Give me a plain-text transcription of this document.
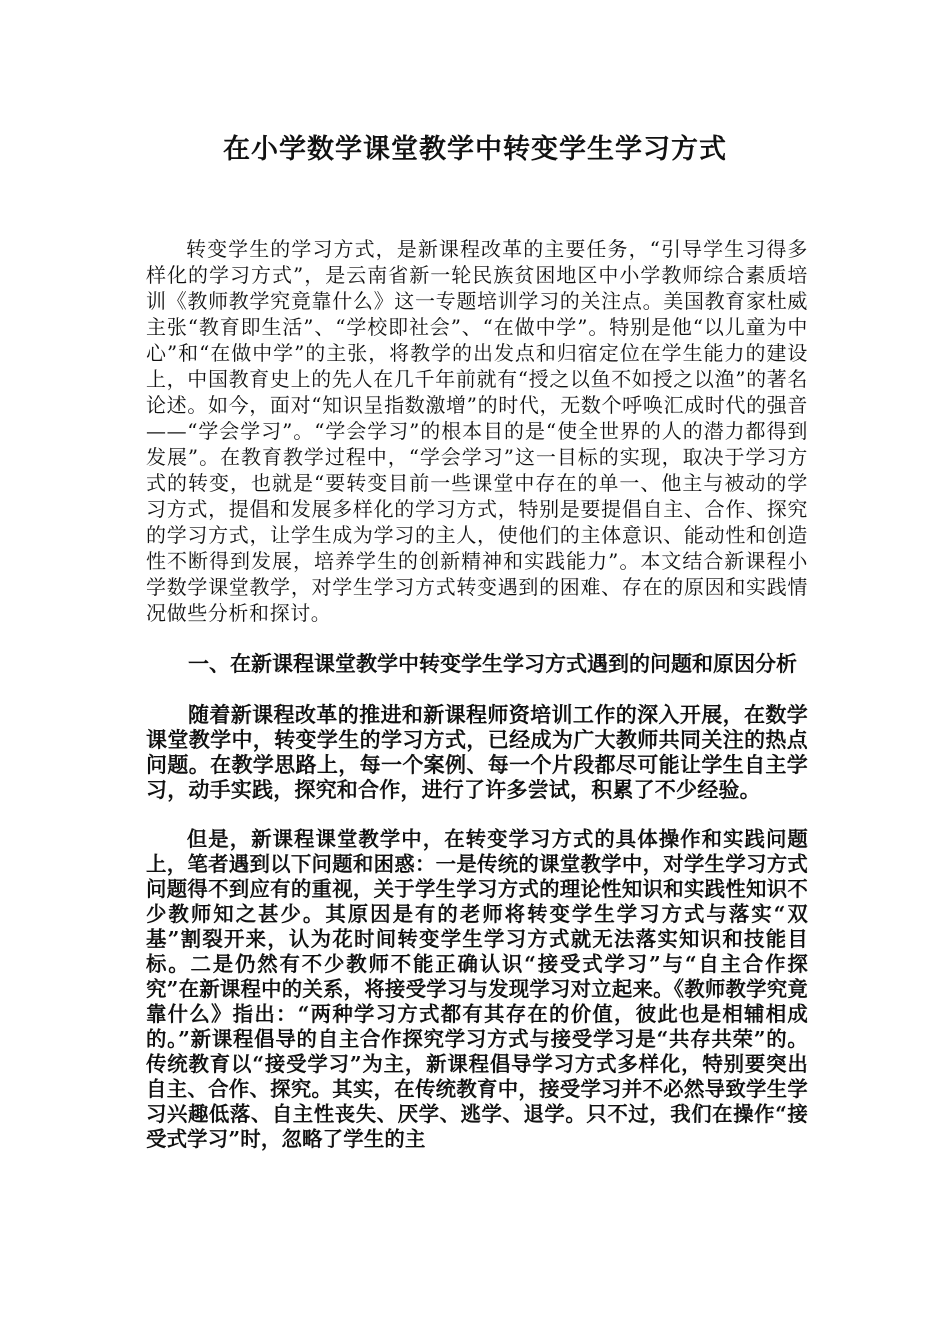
在小学数学课堂教学中转变学生学习方式

转变学生的学习方式，是新课程改革的主要任务，“引导学生习得多样化的学习方式”，是云南省新一轮民族贫困地区中小学教师综合素质培训《教师教学究竟靠什么》这一专题培训学习的关注点。美国教育家杜威主张“教育即生活”、“学校即社会”、“在做中学”。特别是他“以儿童为中心”和“在做中学”的主张，将教学的出发点和归宿定位在学生能力的建设上，中国教育史上的先人在几千年前就有“授之以鱼不如授之以渔”的著名论述。如今，面对“知识呈指数激增”的时代，无数个呼唤汇成时代的强音——“学会学习”。“学会学习”的根本目的是“使全世界的人的潜力都得到发展”。在教育教学过程中，“学会学习”这一目标的实现，取决于学习方式的转变，也就是“要转变目前一些课堂中存在的单一、他主与被动的学习方式，提倡和发展多样化的学习方式，特别是要提倡自主、合作、探究的学习方式，让学生成为学习的主人，使他们的主体意识、能动性和创造性不断得到发展，培养学生的创新精神和实践能力”。本文结合新课程小学数学课堂教学，对学生学习方式转变遇到的困难、存在的原因和实践情况做些分析和探讨。

一、在新课程课堂教学中转变学生学习方式遇到的问题和原因分析

随着新课程改革的推进和新课程师资培训工作的深入开展，在数学课堂教学中，转变学生的学习方式，已经成为广大教师共同关注的热点问题。在教学思路上，每一个案例、每一个片段都尽可能让学生自主学习，动手实践，探究和合作，进行了许多尝试，积累了不少经验。

但是，新课程课堂教学中，在转变学习方式的具体操作和实践问题上，笔者遇到以下问题和困惑：一是传统的课堂教学中，对学生学习方式问题得不到应有的重视，关于学生学习方式的理论性知识和实践性知识不少教师知之甚少。其原因是有的老师将转变学生学习方式与落实“双基”割裂开来，认为花时间转变学生学习方式就无法落实知识和技能目标。二是仍然有不少教师不能正确认识“接受式学习”与“自主合作探究”在新课程中的关系，将接受学习与发现学习对立起来。《教师教学究竟靠什么》指出：“两种学习方式都有其存在的价值，彼此也是相辅相成的。”新课程倡导的自主合作探究学习方式与接受学习是“共存共荣”的。传统教育以“接受学习”为主，新课程倡导学习方式多样化，特别要突出自主、合作、探究。其实，在传统教育中，接受学习并不必然导致学生学习兴趣低落、自主性丧失、厌学、逃学、退学。只不过，我们在操作“接受式学习”时，忽略了学生的主
